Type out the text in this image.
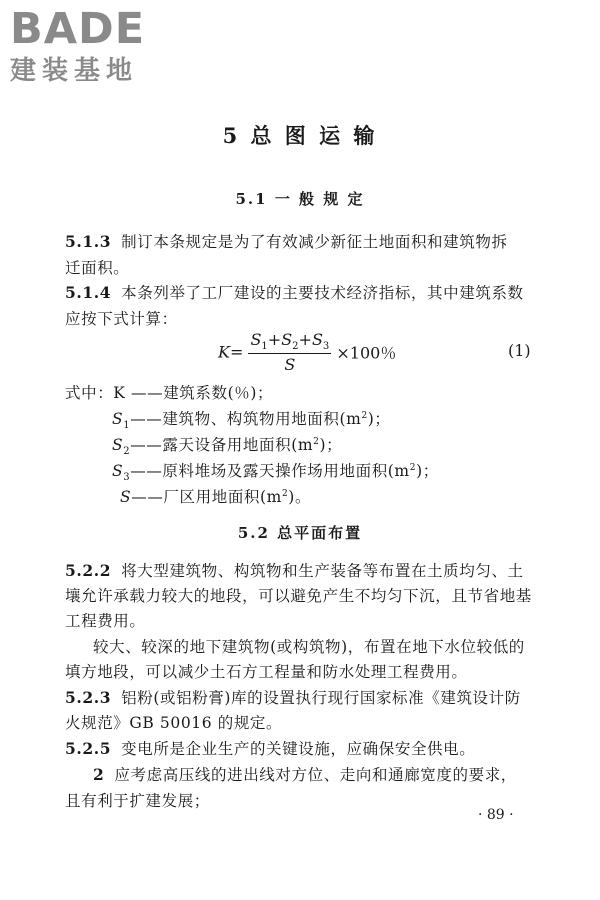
BADE
建装基地
5 总 图 运 输
5.1 一 般 规 定
5.1.3 制订本条规定是为了有效减少新征土地面积和建筑物拆
迁面积。
5.1.4 本条列举了工厂建设的主要技术经济指标，其中建筑系数
应按下式计算：
$K= \frac{S_1+S_2+S_3}{S} \times 100$％	(1)
式中：K ——建筑系数(％)；
$S_1——$建筑物、构筑物用地面积$(m^2)$；
$S_2——$露天设备用地面积$(m^2)$；
$S_3——$原料堆场及露天操作场用地面积$(m^2)$；
S——厂区用地面积$(m^2)$。
5.2 总平面布置
5.2.2 将大型建筑物、构筑物和生产装备等布置在土质均匀、土
壤允许承载力较大的地段，可以避免产生不均匀下沉，且节省地基
工程费用。
较大、较深的地下建筑物(或构筑物)，布置在地下水位较低的
填方地段，可以减少土石方工程量和防水处理工程费用。
5.2.3 铝粉(或铝粉膏)库的设置执行现行国家标准《建筑设计防
火规范》GB 50016 的规定。
5.2.5 变电所是企业生产的关键设施，应确保安全供电。
2 应考虑高压线的进出线对方位、走向和通廊宽度的要求，
且有利于扩建发展；
· 89 ·
